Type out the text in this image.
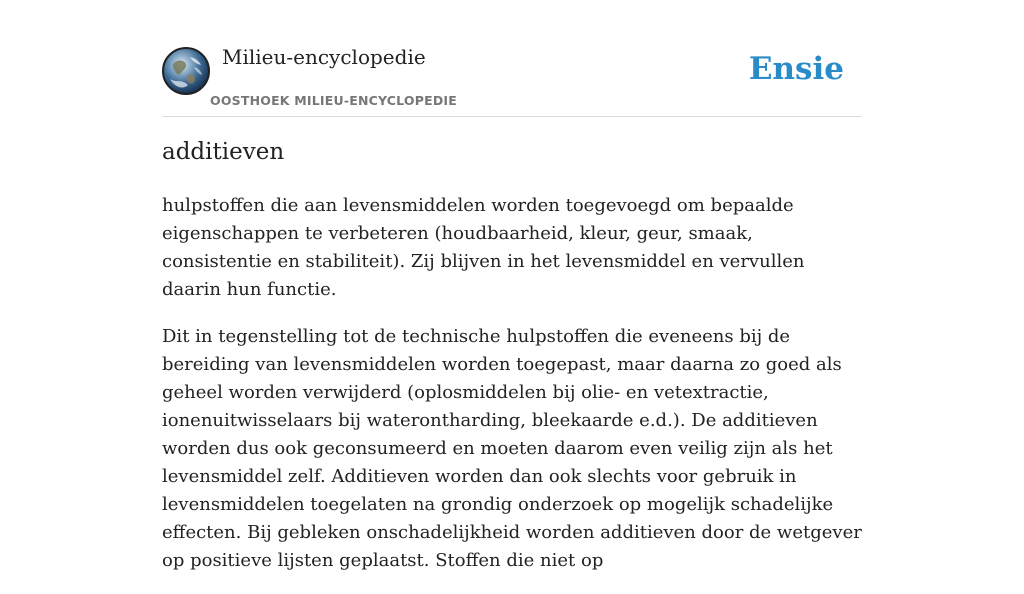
Milieu-encyclopedie
OOSTHOEK MILIEU-ENCYCLOPEDIE
Ensie
additieven

hulpstoffen die aan levensmiddelen worden toegevoegd om bepaalde eigenschappen te verbeteren (houdbaarheid, kleur, geur, smaak, consistentie en stabiliteit). Zij blijven in het levensmiddel en vervullen daarin hun functie.

Dit in tegenstelling tot de technische hulpstoffen die eveneens bij de bereiding van levensmiddelen worden toegepast, maar daarna zo goed als geheel worden verwijderd (oplosmiddelen bij olie- en vetextractie, ionenuitwisselaars bij waterontharding, bleekaarde e.d.). De additieven worden dus ook geconsumeerd en moeten daarom even veilig zijn als het levensmiddel zelf. Additieven worden dan ook slechts voor gebruik in levensmiddelen toegelaten na grondig onderzoek op mogelijk schadelijke effecten. Bij gebleken onschadelijkheid worden additieven door de wetgever op positieve lijsten geplaatst. Stoffen die niet op
